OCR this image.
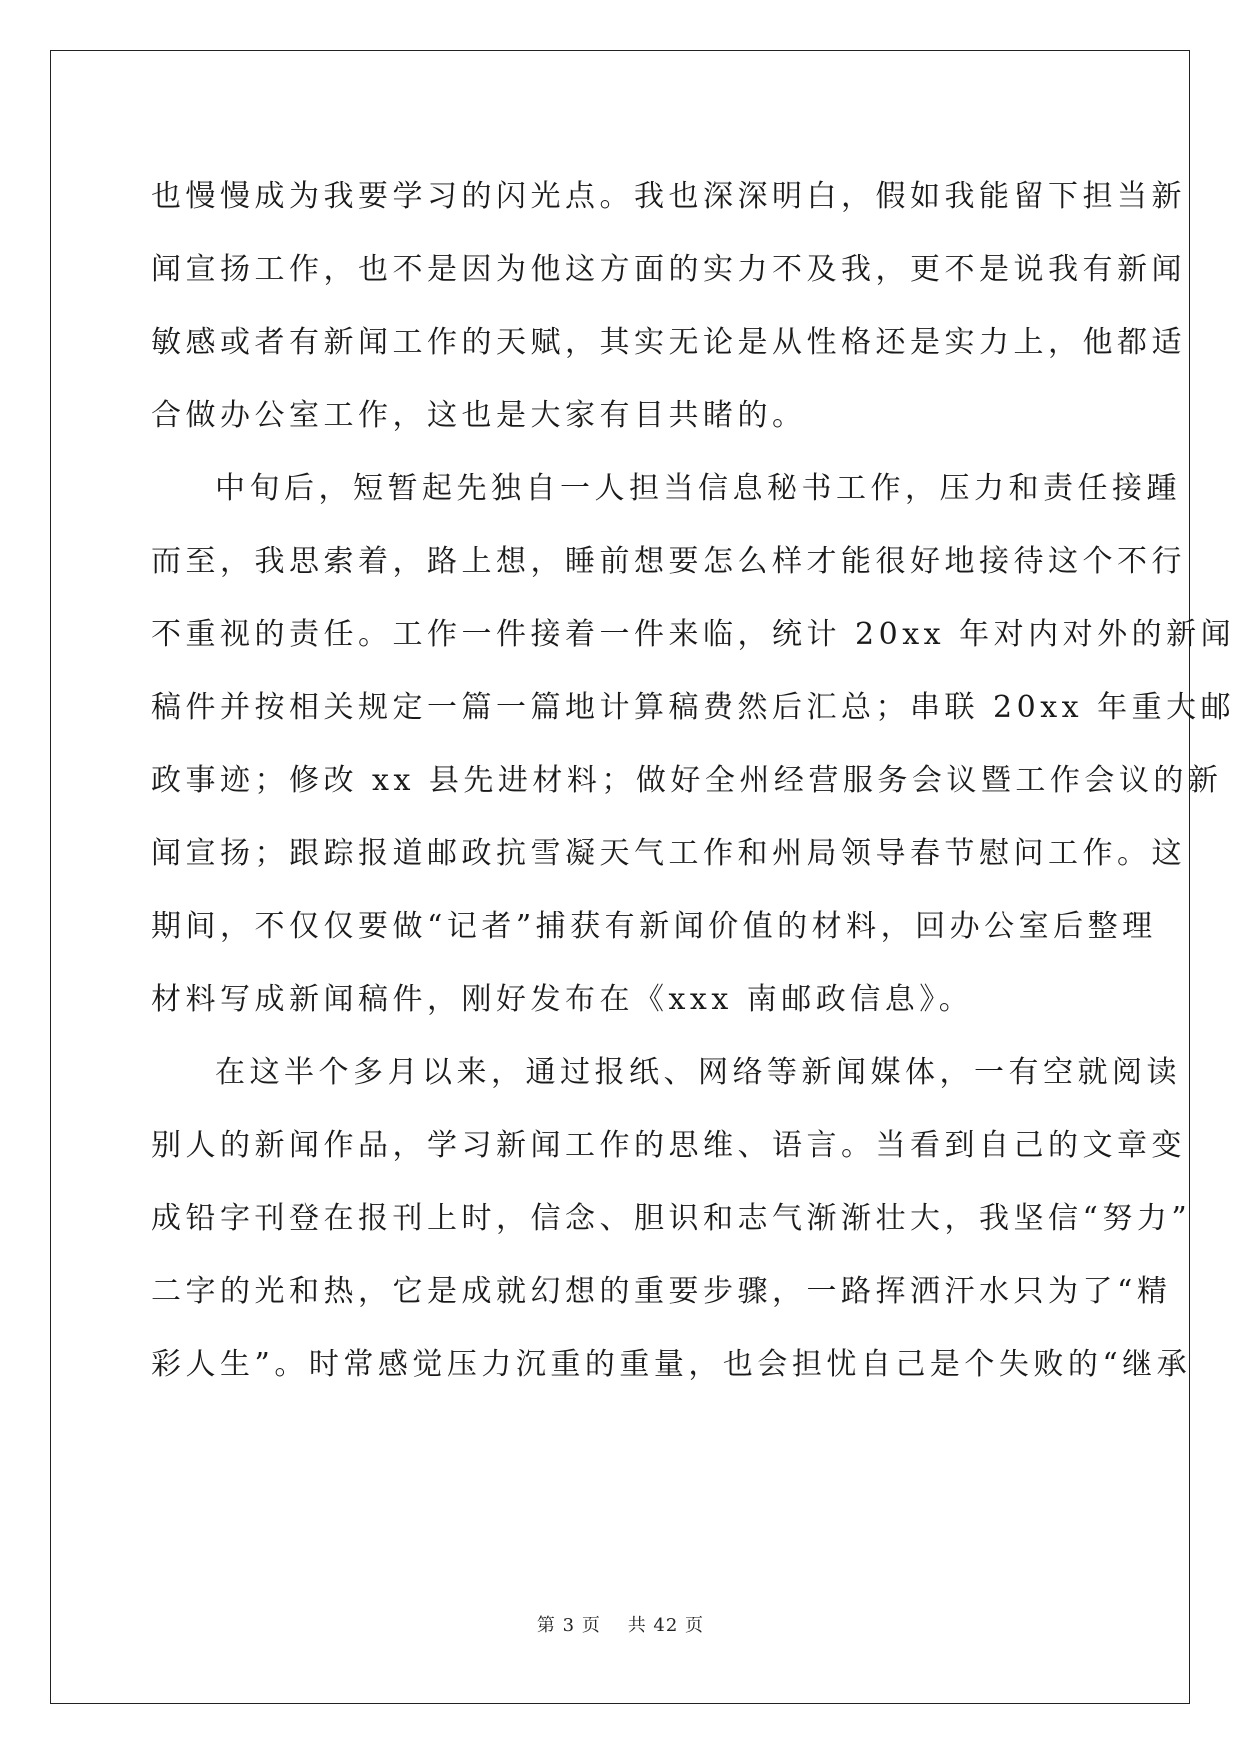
也慢慢成为我要学习的闪光点。我也深深明白，假如我能留下担当新

闻宣扬工作，也不是因为他这方面的实力不及我，更不是说我有新闻

敏感或者有新闻工作的天赋，其实无论是从性格还是实力上，他都适

合做办公室工作，这也是大家有目共睹的。

中旬后，短暂起先独自一人担当信息秘书工作，压力和责任接踵

而至，我思索着，路上想，睡前想要怎么样才能很好地接待这个不行

不重视的责任。工作一件接着一件来临，统计 20xx 年对内对外的新闻

稿件并按相关规定一篇一篇地计算稿费然后汇总；串联 20xx 年重大邮

政事迹；修改 xx 县先进材料；做好全州经营服务会议暨工作会议的新

闻宣扬；跟踪报道邮政抗雪凝天气工作和州局领导春节慰问工作。这

期间，不仅仅要做“记者”捕获有新闻价值的材料，回办公室后整理

材料写成新闻稿件，刚好发布在《xxx 南邮政信息》。

在这半个多月以来，通过报纸、网络等新闻媒体，一有空就阅读

别人的新闻作品，学习新闻工作的思维、语言。当看到自己的文章变

成铅字刊登在报刊上时，信念、胆识和志气渐渐壮大，我坚信“努力”

二字的光和热，它是成就幻想的重要步骤，一路挥洒汗水只为了“精

彩人生”。时常感觉压力沉重的重量，也会担忧自己是个失败的“继承

第 3 页    共 42 页
